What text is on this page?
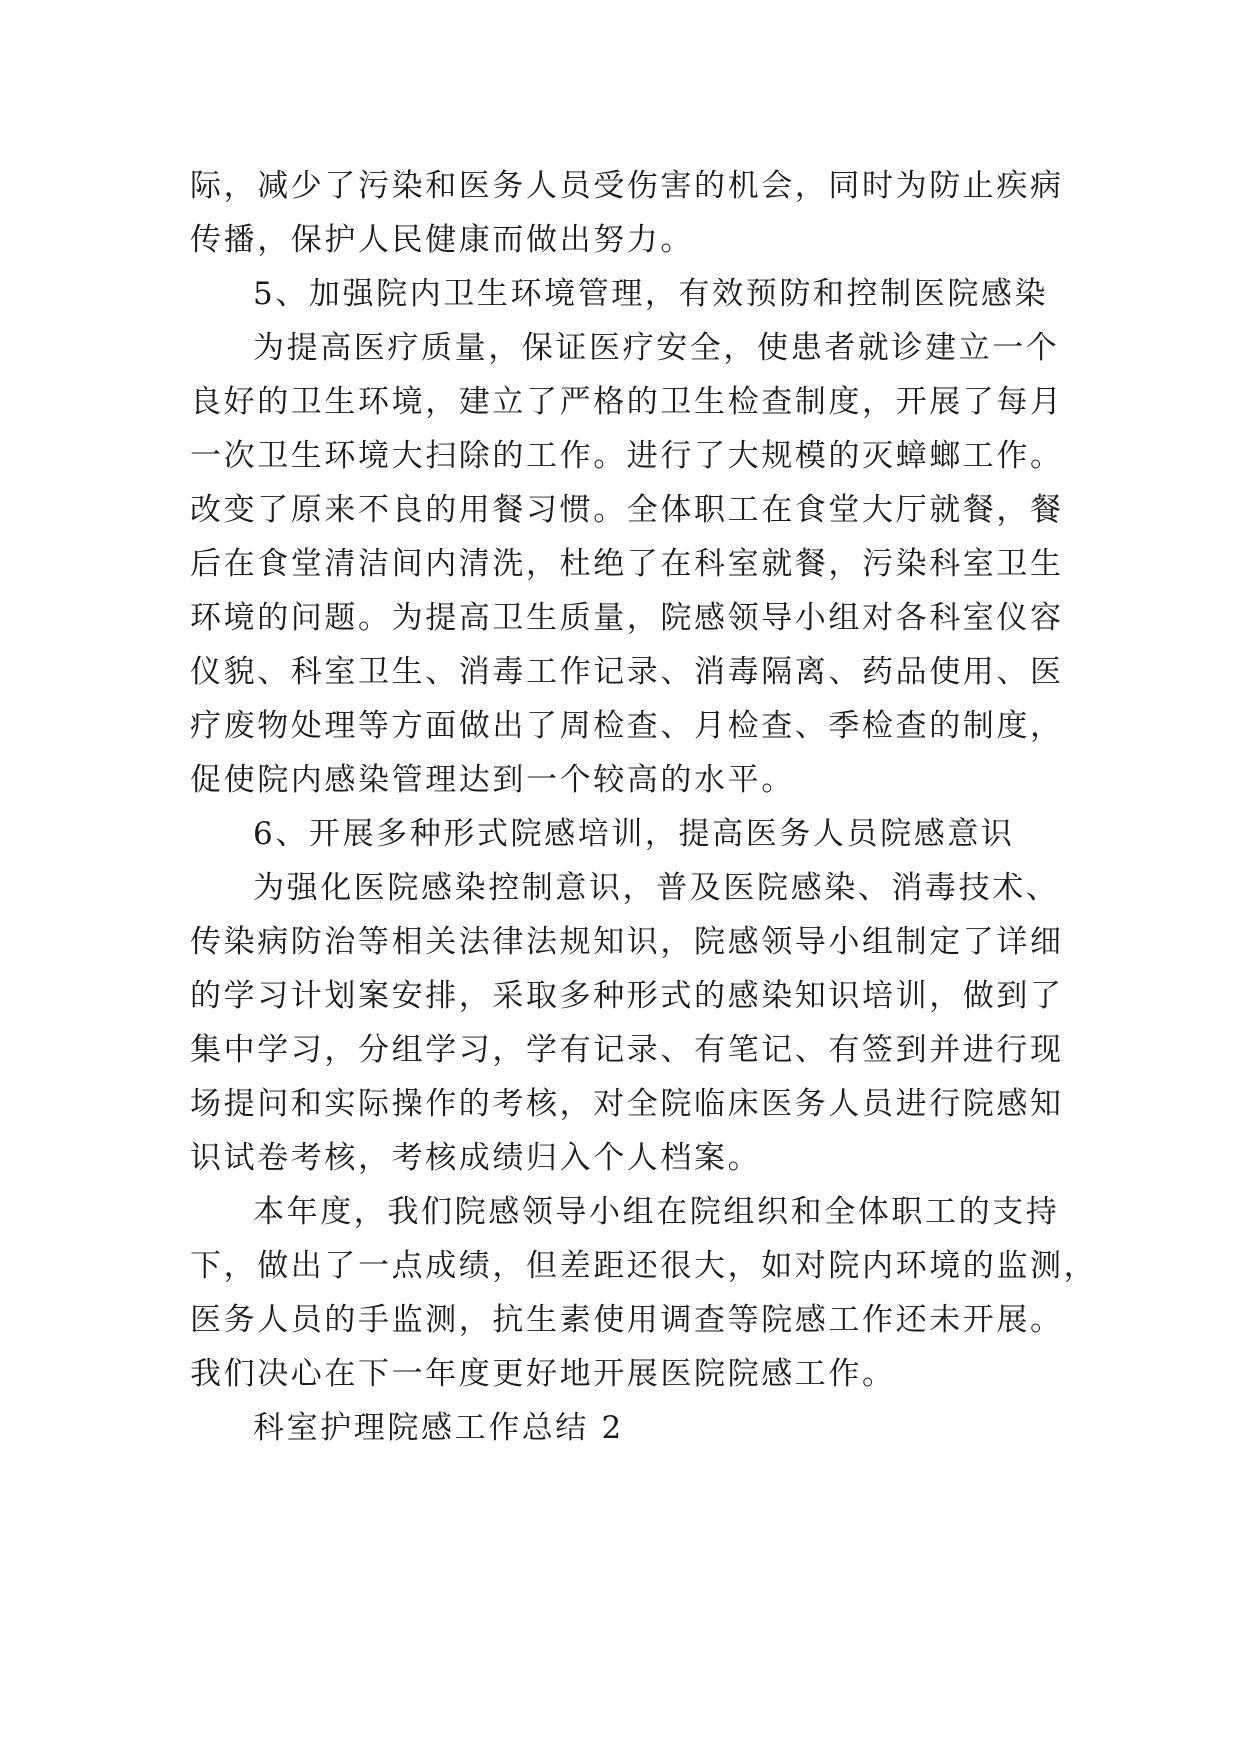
际，减少了污染和医务人员受伤害的机会，同时为防止疾病
传播，保护人民健康而做出努力。
5、加强院内卫生环境管理，有效预防和控制医院感染
为提高医疗质量，保证医疗安全，使患者就诊建立一个
良好的卫生环境，建立了严格的卫生检查制度，开展了每月
一次卫生环境大扫除的工作。进行了大规模的灭蟑螂工作。
改变了原来不良的用餐习惯。全体职工在食堂大厅就餐，餐
后在食堂清洁间内清洗，杜绝了在科室就餐，污染科室卫生
环境的问题。为提高卫生质量，院感领导小组对各科室仪容
仪貌、科室卫生、消毒工作记录、消毒隔离、药品使用、医
疗废物处理等方面做出了周检查、月检查、季检查的制度，
促使院内感染管理达到一个较高的水平。
6、开展多种形式院感培训，提高医务人员院感意识
为强化医院感染控制意识，普及医院感染、消毒技术、
传染病防治等相关法律法规知识，院感领导小组制定了详细
的学习计划案安排，采取多种形式的感染知识培训，做到了
集中学习，分组学习，学有记录、有笔记、有签到并进行现
场提问和实际操作的考核，对全院临床医务人员进行院感知
识试卷考核，考核成绩归入个人档案。
本年度，我们院感领导小组在院组织和全体职工的支持
下，做出了一点成绩，但差距还很大，如对院内环境的监测，
医务人员的手监测，抗生素使用调查等院感工作还未开展。
我们决心在下一年度更好地开展医院院感工作。
科室护理院感工作总结 2
